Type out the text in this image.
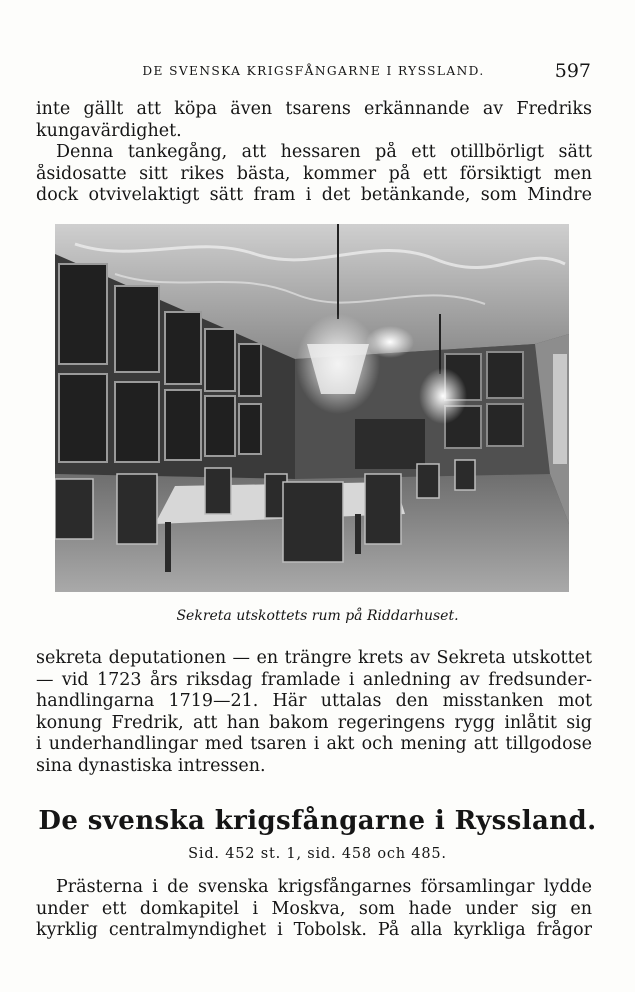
DE SVENSKA KRIGSFÅNGARNE I RYSSLAND.	597
inte gällt att köpa även tsarens erkännande av Fredriks
kungavärdighet.
Denna tankegång, att hessaren på ett otillbörligt sätt
åsidosatte sitt rikes bästa, kommer på ett försiktigt men
dock otvivelaktigt sätt fram i det betänkande, som Mindre
Sekreta utskottets rum på Riddarhuset.
sekreta deputationen — en trängre krets av Sekreta utskottet
— vid 1723 års riksdag framlade i anledning av fredsunder-
handlingarna 1719—21. Här uttalas den misstanken mot
konung Fredrik, att han bakom regeringens rygg inlåtit sig
i underhandlingar med tsaren i akt och mening att tillgodose
sina dynastiska intressen.
De svenska krigsfångarne i Ryssland.
Sid. 452 st. 1, sid. 458 och 485.
Prästerna i de svenska krigsfångarnes församlingar lydde
under ett domkapitel i Moskva, som hade under sig en
kyrklig centralmyndighet i Tobolsk. På alla kyrkliga frågor
